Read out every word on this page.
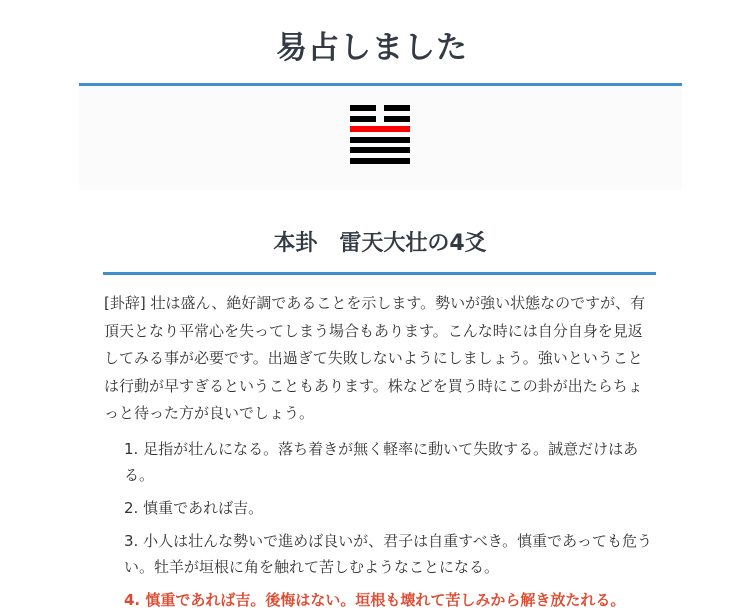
易占しました
本卦　雷天大壮の4爻

[卦辞] 壮は盛ん、絶好調であることを示します。勢いが強い状態なのですが、有頂天となり平常心を失ってしまう場合もあります。こんな時には自分自身を見返してみる事が必要です。出過ぎて失敗しないようにしましょう。強いということは行動が早すぎるということもあります。株などを買う時にこの卦が出たらちょっと待った方が良いでしょう。

1. 足指が壮んになる。落ち着きが無く軽率に動いて失敗する。誠意だけはある。
2. 慎重であれば吉。
3. 小人は壮んな勢いで進めば良いが、君子は自重すべき。慎重であっても危うい。牡羊が垣根に角を触れて苦しむようなことになる。
4. 慎重であれば吉。後悔はない。垣根も壊れて苦しみから解き放たれる。
